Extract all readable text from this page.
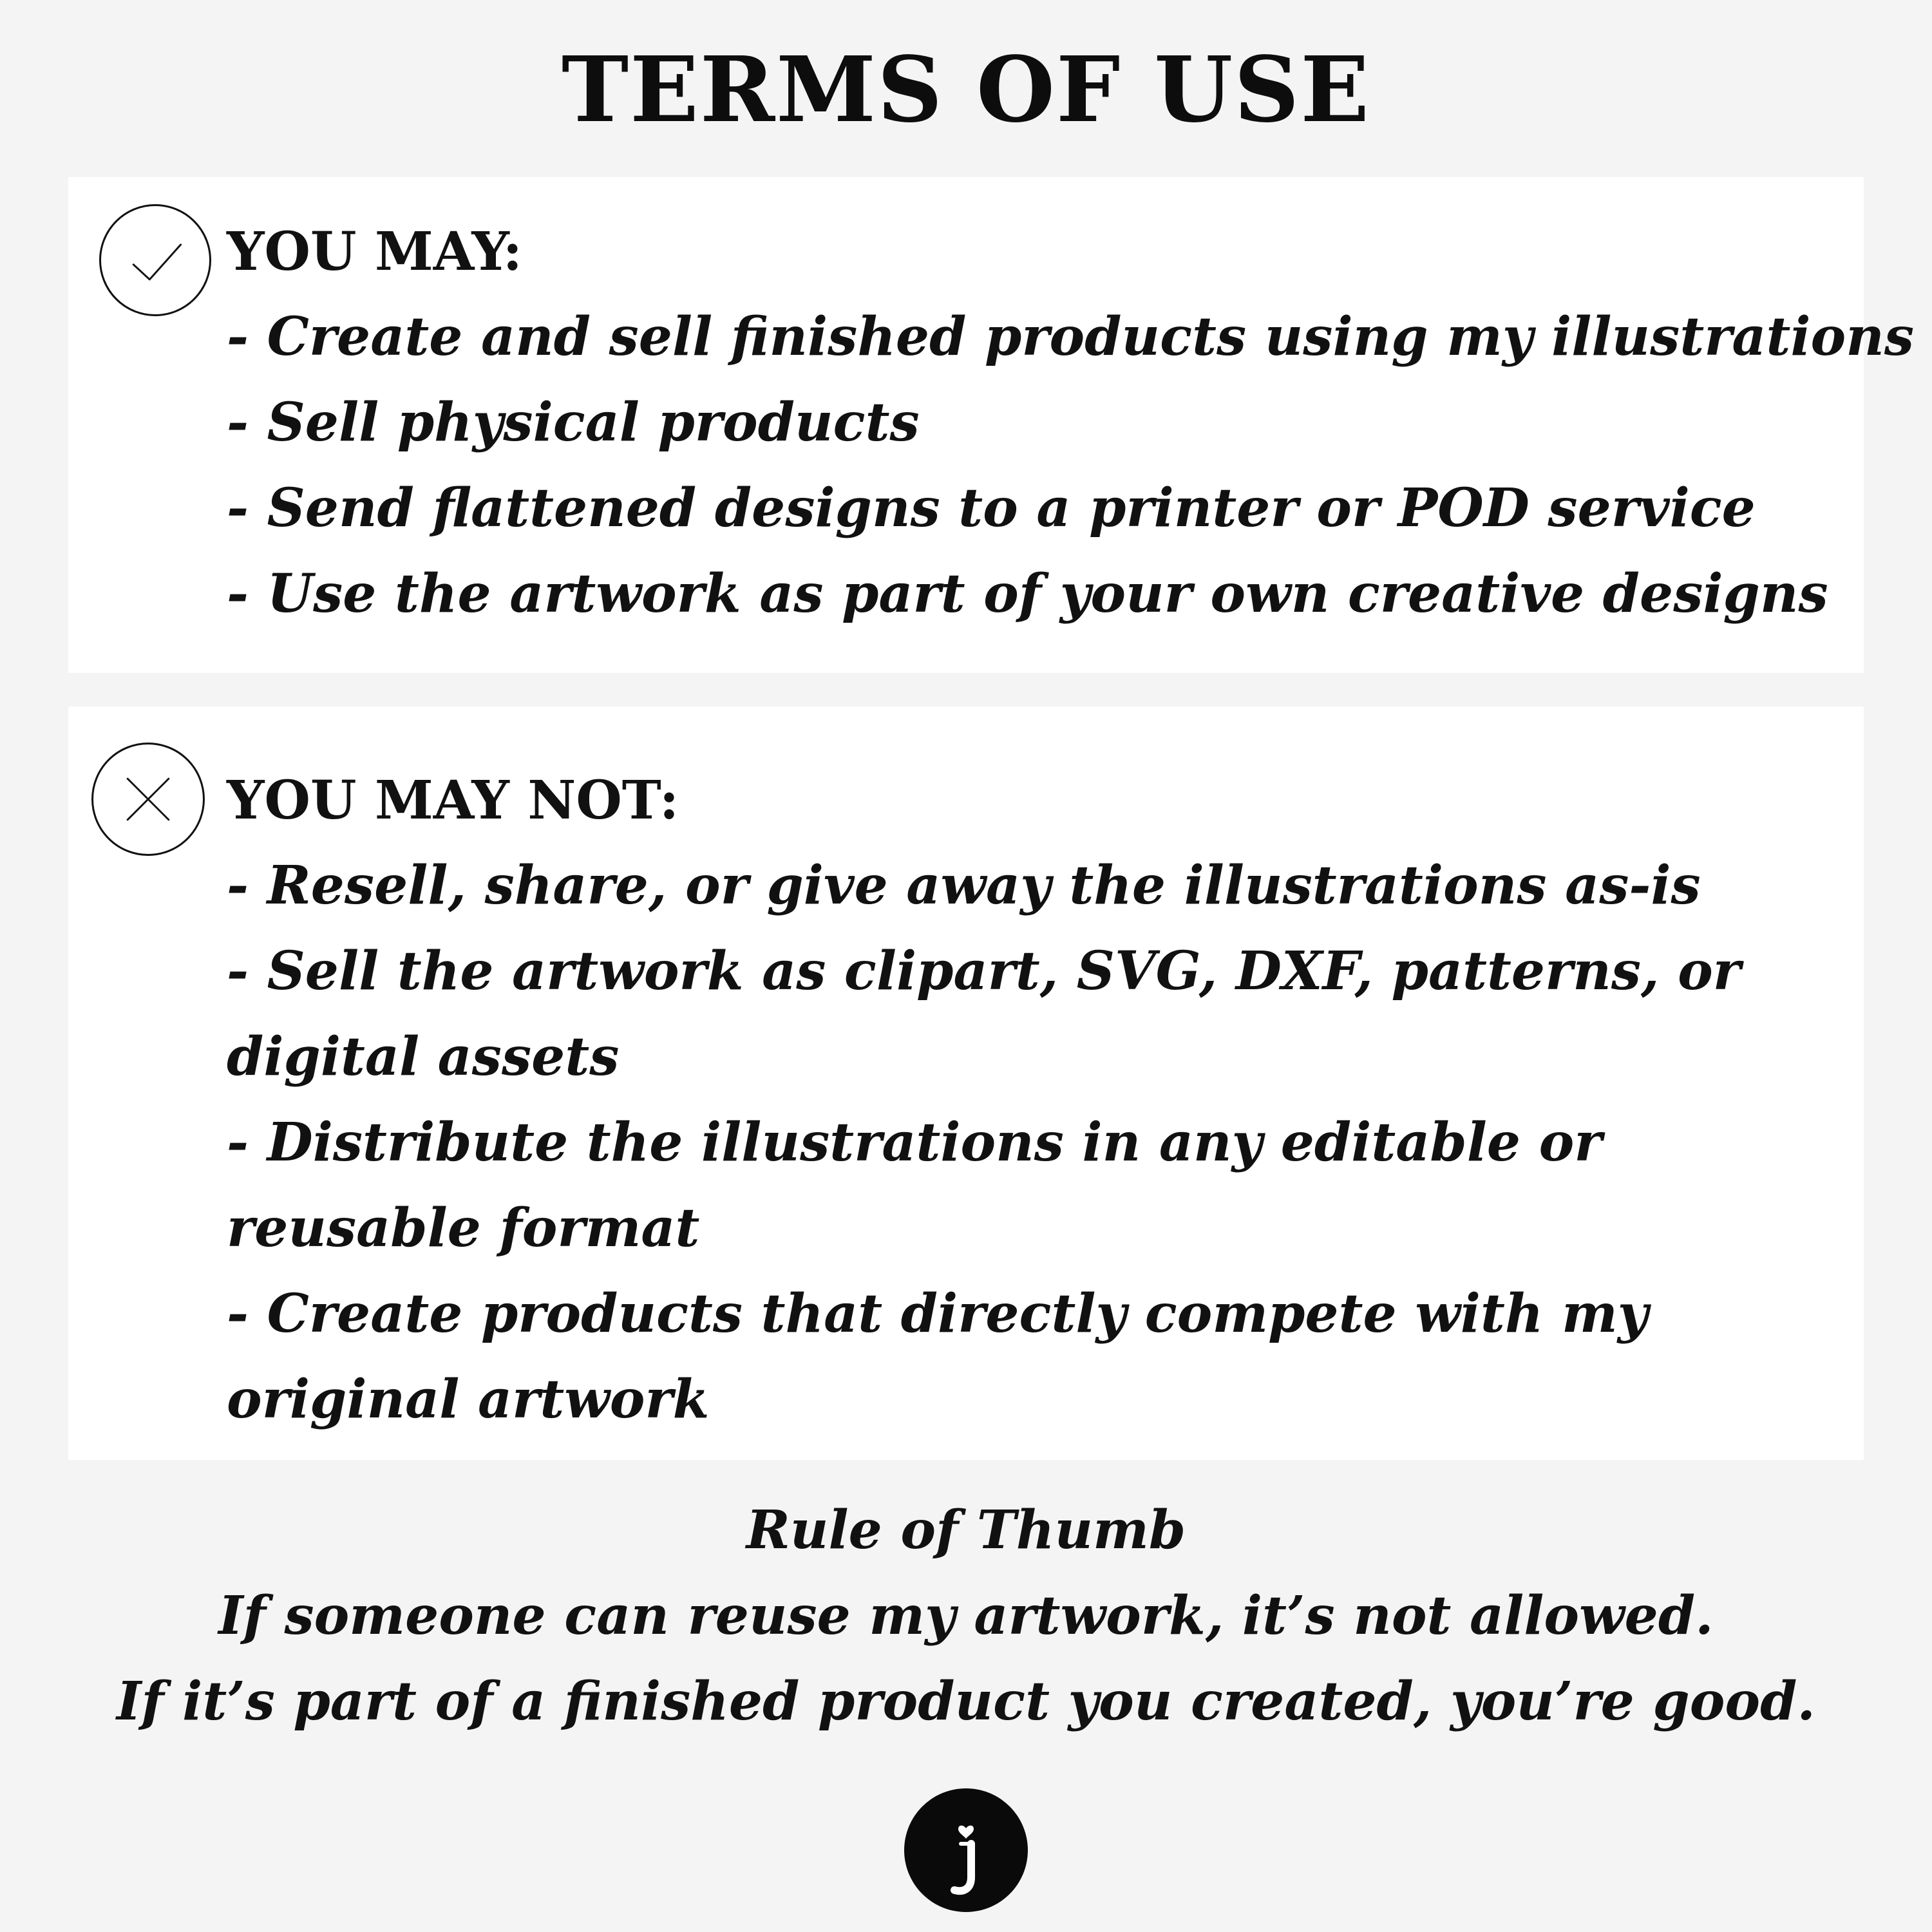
TERMS OF USE

YOU MAY:

- Create and sell finished products using my illustrations
- Sell physical products
- Send flattened designs to a printer or POD service
- Use the artwork as part of your own creative designs

YOU MAY NOT:

- Resell, share, or give away the illustrations as-is
- Sell the artwork as clipart, SVG, DXF, patterns, or digital assets
- Distribute the illustrations in any editable or reusable format
- Create products that directly compete with my original artwork
Rule of Thumb
If someone can reuse my artwork, it’s not allowed.
If it’s part of a finished product you created, you’re good.
